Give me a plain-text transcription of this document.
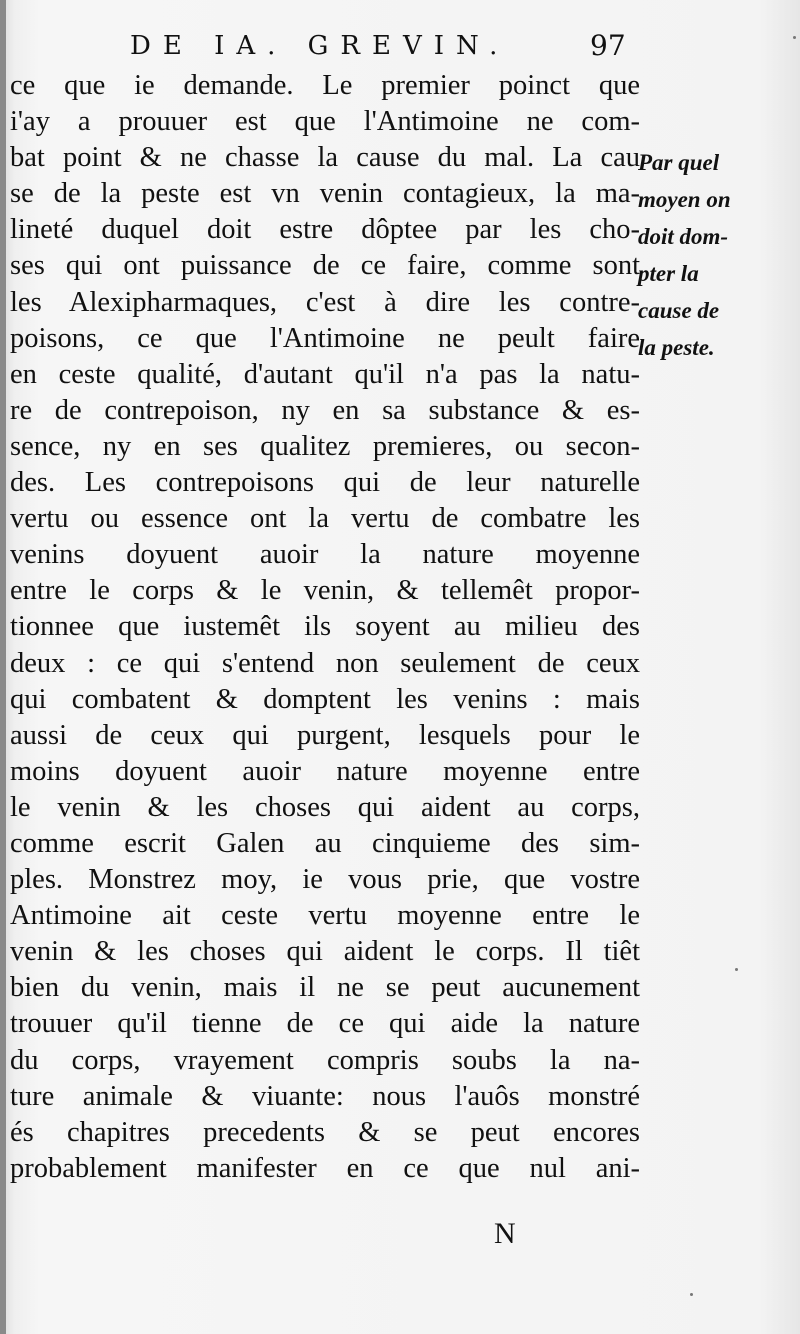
DE IA. GREVIN.	97
ce que ie demande. Le premier poinct que
i'ay a prouuer est que l'Antimoine ne com-
bat point & ne chasse la cause du mal. La cau
se de la peste est vn venin contagieux, la ma-
lineté duquel doit estre dôptee par les cho-
ses qui ont puissance de ce faire, comme sont
les Alexipharmaques, c'est à dire les contre-
poisons, ce que l'Antimoine ne peult faire
en ceste qualité, d'autant qu'il n'a pas la natu-
re de contrepoison, ny en sa substance & es-
sence, ny en ses qualitez premieres, ou secon-
des. Les contrepoisons qui de leur naturelle
vertu ou essence ont la vertu de combatre les
venins doyuent auoir la nature moyenne
entre le corps & le venin, & tellemêt propor-
tionnee que iustemêt ils soyent au milieu des
deux : ce qui s'entend non seulement de ceux
qui combatent & domptent les venins : mais
aussi de ceux qui purgent, lesquels pour le
moins doyuent auoir nature moyenne entre
le venin & les choses qui aident au corps,
comme escrit Galen au cinquieme des sim-
ples. Monstrez moy, ie vous prie, que vostre
Antimoine ait ceste vertu moyenne entre le
venin & les choses qui aident le corps. Il tiêt
bien du venin, mais il ne se peut aucunement
trouuer qu'il tienne de ce qui aide la nature
du corps, vrayement compris soubs la na-
ture animale & viuante: nous l'auôs monstré
és chapitres precedents & se peut encores
probablement manifester en ce que nul ani-
Par quel
moyen on
doit dom-
pter la
cause de
la peste.
N
